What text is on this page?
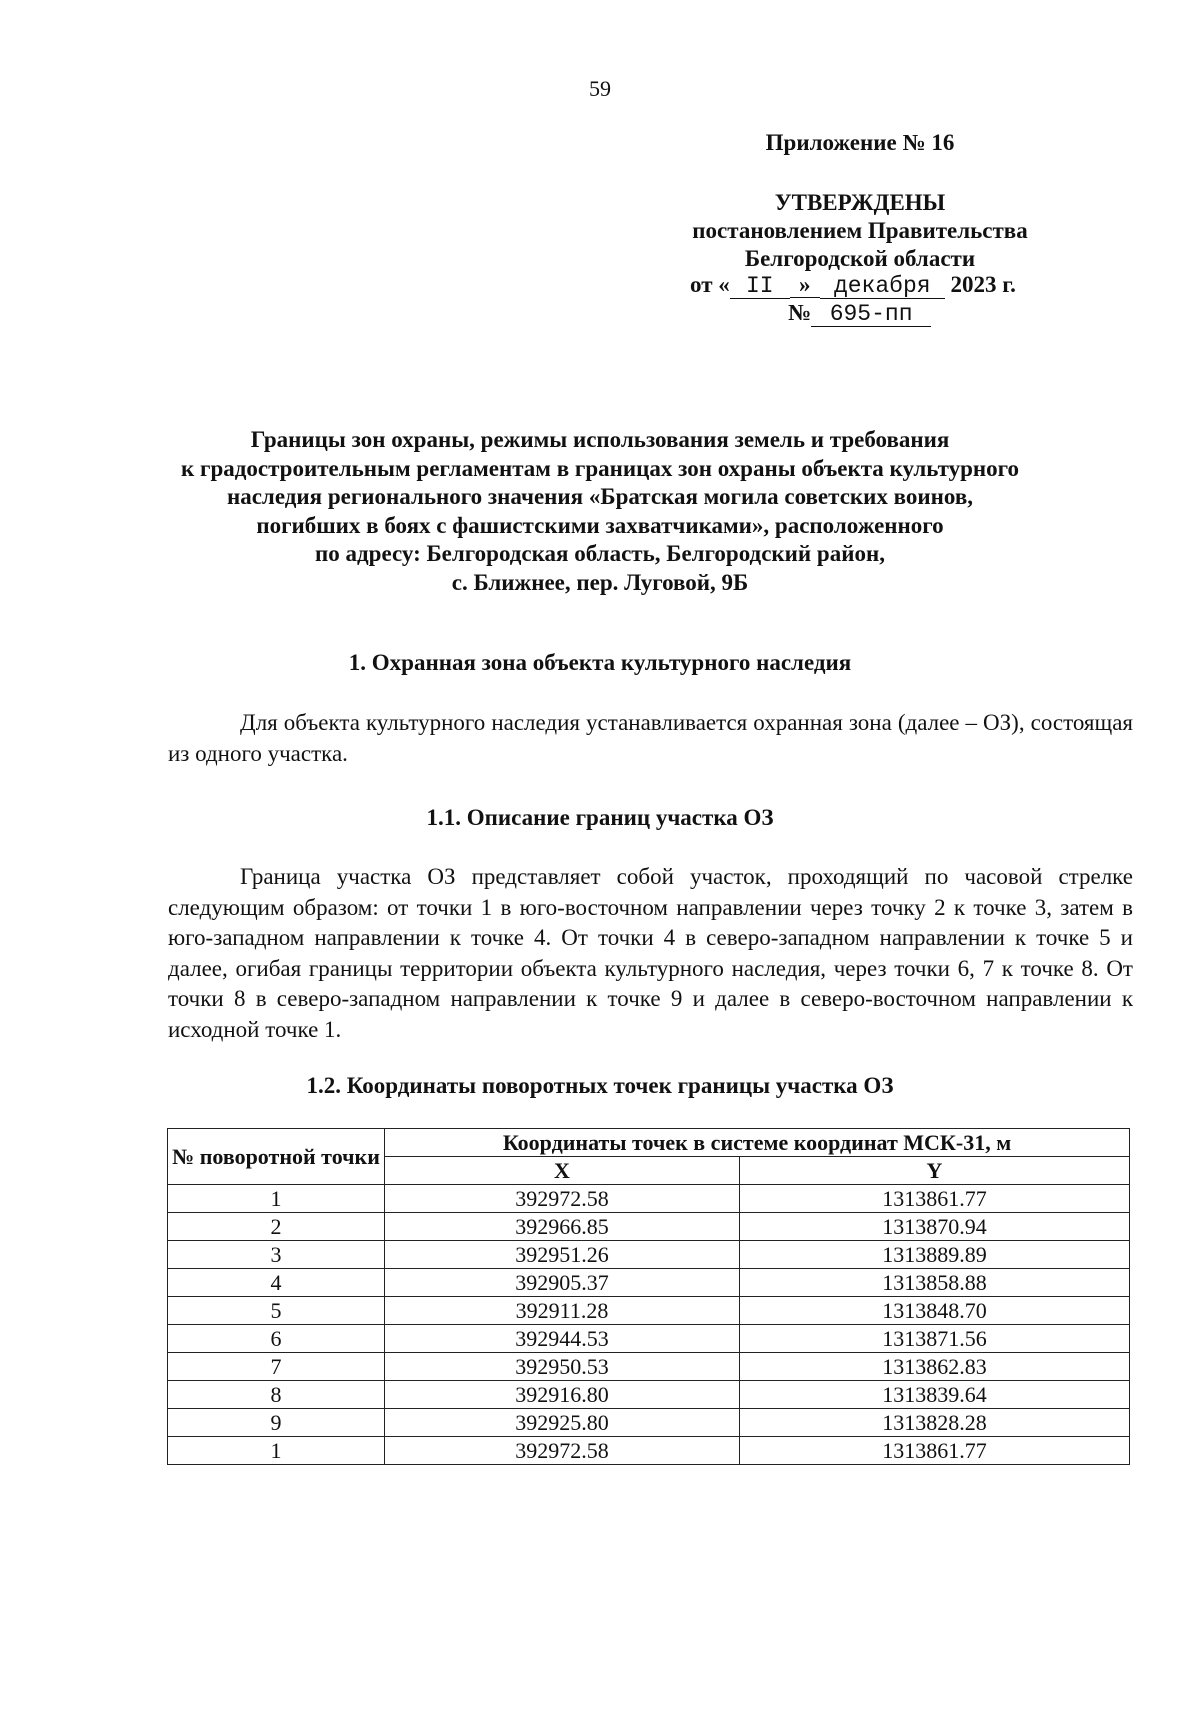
59
Приложение № 16
УТВЕРЖДЕНЫ
постановлением Правительства
Белгородской области
от « II » декабря 2023 г.
№ 695-пп
Границы зон охраны, режимы использования земель и требования
к градостроительным регламентам в границах зон охраны объекта культурного
наследия регионального значения «Братская могила советских воинов,
погибших в боях с фашистскими захватчиками», расположенного
по адресу: Белгородская область, Белгородский район,
с. Ближнее, пер. Луговой, 9Б
1. Охранная зона объекта культурного наследия
Для объекта культурного наследия устанавливается охранная зона (далее – ОЗ), состоящая из одного участка.
1.1. Описание границ участка ОЗ
Граница участка ОЗ представляет собой участок, проходящий по часовой стрелке следующим образом: от точки 1 в юго-восточном направлении через точку 2 к точке 3, затем в юго-западном направлении к точке 4. От точки 4 в северо-западном направлении к точке 5 и далее, огибая границы территории объекта культурного наследия, через точки 6, 7 к точке 8. От точки 8 в северо-западном направлении к точке 9 и далее в северо-восточном направлении к исходной точке 1.
1.2. Координаты поворотных точек границы участка ОЗ
№ поворотной точки	Координаты точек в системе координат МСК-31, м	
	X	Y
1	392972.58	1313861.77
2	392966.85	1313870.94
3	392951.26	1313889.89
4	392905.37	1313858.88
5	392911.28	1313848.70
6	392944.53	1313871.56
7	392950.53	1313862.83
8	392916.80	1313839.64
9	392925.80	1313828.28
1	392972.58	1313861.77
